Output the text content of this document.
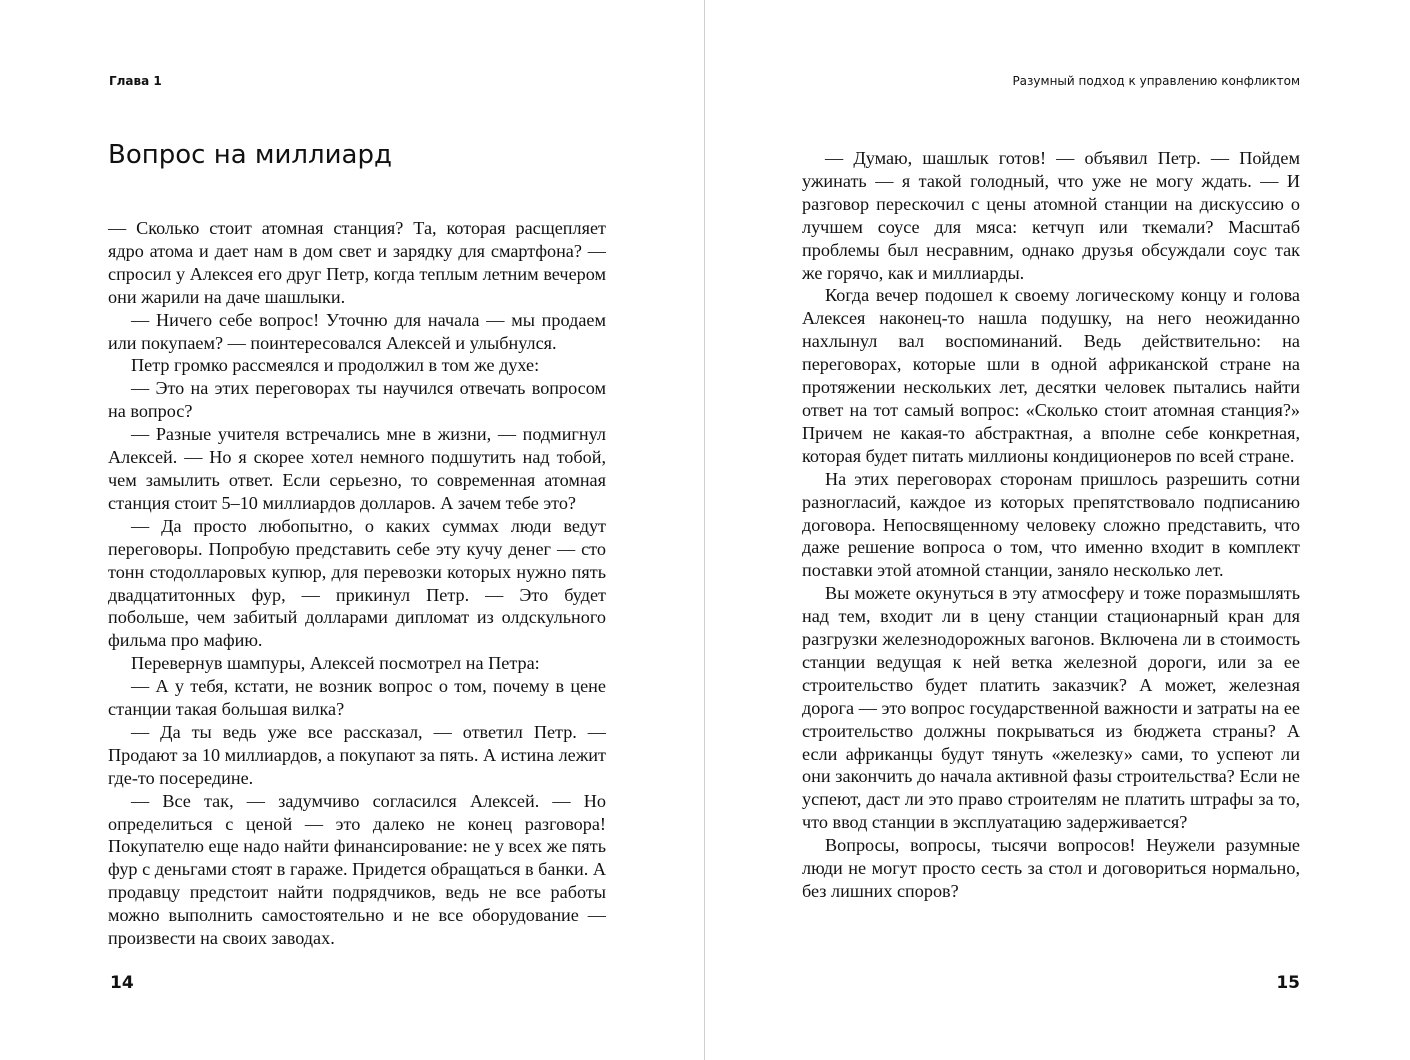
Глава 1
Вопрос на миллиард

— Сколько стоит атомная станция? Та, которая расщепляет ядро атома и дает нам в дом свет и зарядку для смартфона? — спросил у Алексея его друг Петр, когда теплым летним вечером они жарили на даче шашлыки.

— Ничего себе вопрос! Уточню для начала — мы продаем или покупаем? — поинтересовался Алексей и улыбнулся.

Петр громко рассмеялся и продолжил в том же духе:

— Это на этих переговорах ты научился отвечать вопросом на вопрос?

— Разные учителя встречались мне в жизни, — подмигнул Алексей. — Но я скорее хотел немного подшутить над тобой, чем замылить ответ. Если серьезно, то современная атомная станция стоит 5–10 миллиардов долларов. А зачем тебе это?

— Да просто любопытно, о каких суммах люди ведут переговоры. Попробую представить себе эту кучу денег — сто тонн стодолларовых купюр, для перевозки которых нужно пять двадцатитонных фур, — прикинул Петр. — Это будет побольше, чем забитый долларами дипломат из олдскульного фильма про мафию.

Перевернув шампуры, Алексей посмотрел на Петра:

— А у тебя, кстати, не возник вопрос о том, почему в цене станции такая большая вилка?

— Да ты ведь уже все рассказал, — ответил Петр. — Продают за 10 миллиардов, а покупают за пять. А истина лежит где-то посередине.

— Все так, — задумчиво согласился Алексей. — Но определиться с ценой — это далеко не конец разговора! Покупателю еще надо найти финансирование: не у всех же пять фур с деньгами стоят в гараже. Придется обращаться в банки. А продавцу предстоит найти подрядчиков, ведь не все работы можно выполнить самостоятельно и не все оборудование — произвести на своих заводах.

14
Разумный подход к управлению конфликтом

— Думаю, шашлык готов! — объявил Петр. — Пойдем ужинать — я такой голодный, что уже не могу ждать. — И разговор перескочил с цены атомной станции на дискуссию о лучшем соусе для мяса: кетчуп или ткемали? Масштаб проблемы был несравним, однако друзья обсуждали соус так же горячо, как и миллиарды.

Когда вечер подошел к своему логическому концу и голова Алексея наконец-то нашла подушку, на него неожиданно нахлынул вал воспоминаний. Ведь действительно: на переговорах, которые шли в одной африканской стране на протяжении нескольких лет, десятки человек пытались найти ответ на тот самый вопрос: «Сколько стоит атомная станция?» Причем не какая-то абстрактная, а вполне себе конкретная, которая будет питать миллионы кондиционеров по всей стране.

На этих переговорах сторонам пришлось разрешить сотни разногласий, каждое из которых препятствовало подписанию договора. Непосвященному человеку сложно представить, что даже решение вопроса о том, что именно входит в комплект поставки этой атомной станции, заняло несколько лет.

Вы можете окунуться в эту атмосферу и тоже поразмышлять над тем, входит ли в цену станции стационарный кран для разгрузки железнодорожных вагонов. Включена ли в стоимость станции ведущая к ней ветка железной дороги, или за ее строительство будет платить заказчик? А может, железная дорога — это вопрос государственной важности и затраты на ее строительство должны покрываться из бюджета страны? А если африканцы будут тянуть «железку» сами, то успеют ли они закончить до начала активной фазы строительства? Если не успеют, даст ли это право строителям не платить штрафы за то, что ввод станции в эксплуатацию задерживается?

Вопросы, вопросы, тысячи вопросов! Неужели разумные люди не могут просто сесть за стол и договориться нормально, без лишних споров?

15
